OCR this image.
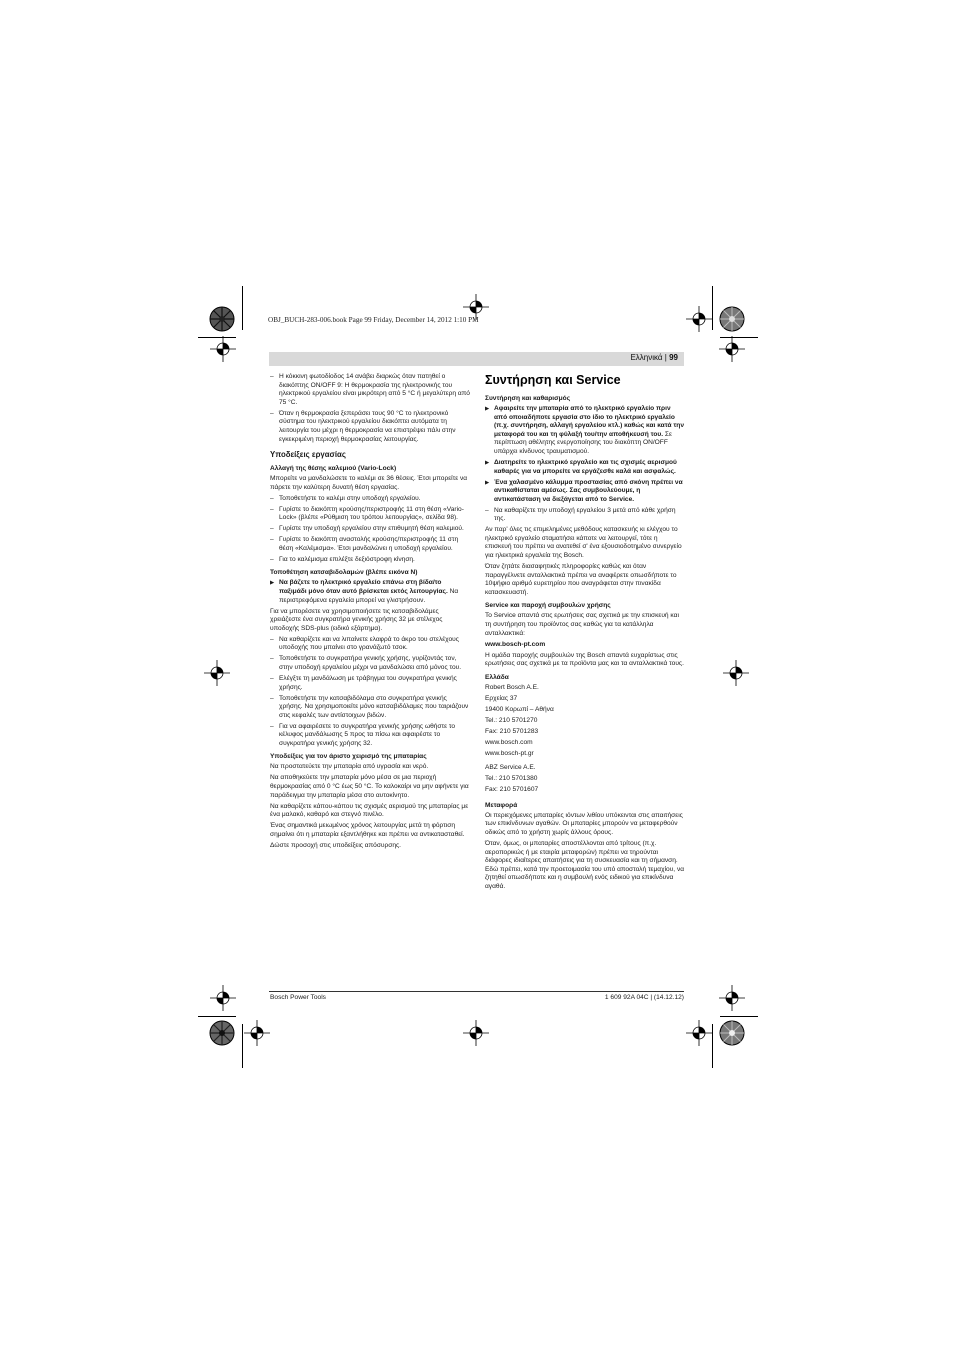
OBJ_BUCH-283-006.book Page 99 Friday, December 14, 2012 1:10 PM
Ελληνικά | 99

– Η κόκκινη φωτοδίοδος 14 ανάβει διαρκώς όταν πατηθεί ο διακόπτης ON/OFF 9: Η θερμοκρασία της ηλεκτρονικής του ηλεκτρικού εργαλείου είναι μικρότερη από 5 °C ή μεγαλύτερη από 75 °C.

– Όταν η θερμοκρασία ξεπεράσει τους 90 °C το ηλεκτρονικό σύστημα του ηλεκτρικού εργαλείου διακόπτει αυτόματα τη λειτουργία του μέχρι η θερμοκρασία να επιστρέψει πάλι στην εγκεκριμένη περιοχή θερμοκρασίας λειτουργίας.

Υποδείξεις εργασίας
Αλλαγή της θέσης καλεμιού (Vario-Lock)

Μπορείτε να μανδαλώσετε το καλέμι σε 36 θέσεις. Έτσι μπορείτε να πάρετε την καλύτερη δυνατή θέση εργασίας.

– Τοποθετήστε το καλέμι στην υποδοχή εργαλείου.

– Γυρίστε το διακόπτη κρούσης/περιστροφής 11 στη θέση «Vario-Lock» (βλέπε «Ρύθμιση του τρόπου λειτουργίας», σελίδα 98).

– Γυρίστε την υποδοχή εργαλείου στην επιθυμητή θέση καλεμιού.

– Γυρίστε το διακόπτη αναστολής κρούσης/περιστροφής 11 στη θέση «Καλέμισμα». Έτσι μανδαλώνει η υποδοχή εργαλείου.

– Για το καλέμισμα επιλέξτε δεξιόστροφη κίνηση.

Τοποθέτηση κατσαβιδολαμών (βλέπε εικόνα N)

▶ Να βάζετε το ηλεκτρικό εργαλείο επάνω στη βίδα/το παξιμάδι μόνο όταν αυτό βρίσκεται εκτός λειτουργίας. Να περιστρεφόμενα εργαλεία μπορεί να γλιστρήσουν.

Για να μπορέσετε να χρησιμοποιήσετε τις κατσαβιδολάμες χρειάζεστε ένα συγκρατήρα γενικής χρήσης 32 με στέλεχος υποδοχής SDS-plus (ειδικό εξάρτημα).

– Να καθαρίζετε και να λιπαίνετε ελαφρά το άκρο του στελέχους υποδοχής που μπαίνει στο γρανάζωτό τσοκ.

– Τοποθετήστε το συγκρατήρα γενικής χρήσης, γυρίζοντάς τον, στην υποδοχή εργαλείου μέχρι να μανδαλώσει από μόνος του.

– Ελέγξτε τη μανδάλωση με τράβηγμα του συγκρατήρα γενικής χρήσης.

– Τοποθετήστε την κατσαβιδόλαμα στο συγκρατήρα γενικής χρήσης. Να χρησιμοποιείτε μόνο κατσαβιδόλαμες που ταιριάζουν στις κεφαλές των αντίστοιχων βιδών.

– Για να αφαιρέσετε το συγκρατήρα γενικής χρήσης ωθήστε το κέλυφος μανδάλωσης 5 προς τα πίσω και αφαιρέστε το συγκρατήρα γενικής χρήσης 32.

Υποδείξεις για τον άριστο χειρισμό της μπαταρίας

Να προστατεύετε την μπαταρία από υγρασία και νερό.

Να αποθηκεύετε την μπαταρία μόνο μέσα σε μια περιοχή θερμοκρασίας από 0 °C έως 50 °C. Το καλοκαίρι να μην αφήνετε για παράδειγμα την μπαταρία μέσα στο αυτοκίνητο.

Να καθαρίζετε κάπου-κάπου τις σχισμές αερισμού της μπαταρίας με ένα μαλακό, καθαρό και στεγνό πινέλο.

Ένας σημαντικά μειωμένος χρόνος λειτουργίας μετά τη φόρτιση σημαίνει ότι η μπαταρία εξαντλήθηκε και πρέπει να αντικατασταθεί.

Δώστε προσοχή στις υποδείξεις απόσυρσης.

Συντήρηση και Service
Συντήρηση και καθαρισμός

▶ Αφαιρείτε την μπαταρία από το ηλεκτρικό εργαλείο πριν από οποιαδήποτε εργασία στο ίδιο το ηλεκτρικό εργαλείο (π.χ. συντήρηση, αλλαγή εργαλείου κτλ.) καθώς και κατά την μεταφορά του και τη φύλαξή του/την αποθήκευσή του. Σε περίπτωση αθέλητης ενεργοποίησης του διακόπτη ON/OFF υπάρχει κίνδυνος τραυματισμού.

▶ Διατηρείτε το ηλεκτρικό εργαλείο και τις σχισμές αερισμού καθαρές για να μπορείτε να εργάζεσθε καλά και ασφαλώς.

▶ Ένα χαλασμένο κάλυμμα προστασίας από σκόνη πρέπει να αντικαθίσταται αμέσως. Σας συμβουλεύουμε, η αντικατάσταση να διεξάγεται από το Service.

– Να καθαρίζετε την υποδοχή εργαλείου 3 μετά από κάθε χρήση της.

Αν παρ' όλες τις επιμελημένες μεθόδους κατασκευής κι ελέγχου το ηλεκτρικό εργαλείο σταματήσει κάποτε να λειτουργεί, τότε η επισκευή του πρέπει να ανατεθεί σ' ένα εξουσιοδοτημένο συνεργείο για ηλεκτρικά εργαλεία της Bosch.

Όταν ζητάτε διασαφητικές πληροφορίες καθώς και όταν παραγγέλνετε ανταλλακτικά πρέπει να αναφέρετε οπωσδήποτε το 10ψήφιο αριθμό ευρετηρίου που αναγράφεται στην πινακίδα κατασκευαστή.

Service και παροχή συμβουλών χρήσης

Το Service απαντά στις ερωτήσεις σας σχετικά με την επισκευή και τη συντήρηση του προϊόντος σας καθώς για τα κατάλληλα ανταλλακτικά:

www.bosch-pt.com

Η ομάδα παροχής συμβουλών της Bosch απαντά ευχαρίστως στις ερωτήσεις σας σχετικά με τα προϊόντα μας και τα ανταλλακτικά τους.

Ελλάδα

Robert Bosch A.E.

Ερχείας 37

19400 Κορωπί – Αθήνα

Tel.: 210 5701270

Fax: 210 5701283

www.bosch.com

www.bosch-pt.gr

ABZ Service A.E.

Tel.: 210 5701380

Fax: 210 5701607

Μεταφορά

Οι περιεχόμενες μπαταρίες ιόντων λιθίου υπόκεινται στις απαιτήσεις των επικίνδυνων αγαθών. Οι μπαταρίες μπορούν να μεταφερθούν οδικώς από το χρήστη χωρίς άλλους όρους.

Όταν, όμως, οι μπαταρίες αποστέλλονται από τρίτους (π.χ. αεροπορικώς ή με εταιρία μεταφορών) πρέπει να τηρούνται διάφορες ιδιαίτερες απαιτήσεις για τη συσκευασία και τη σήμανση. Εδώ πρέπει, κατά την προετοιμασία του υπό αποστολή τεμαχίου, να ζητηθεί οπωσδήποτε και η συμβουλή ενός ειδικού για επικίνδυνα αγαθά.

Bosch Power Tools	1 609 92A 04C | (14.12.12)
